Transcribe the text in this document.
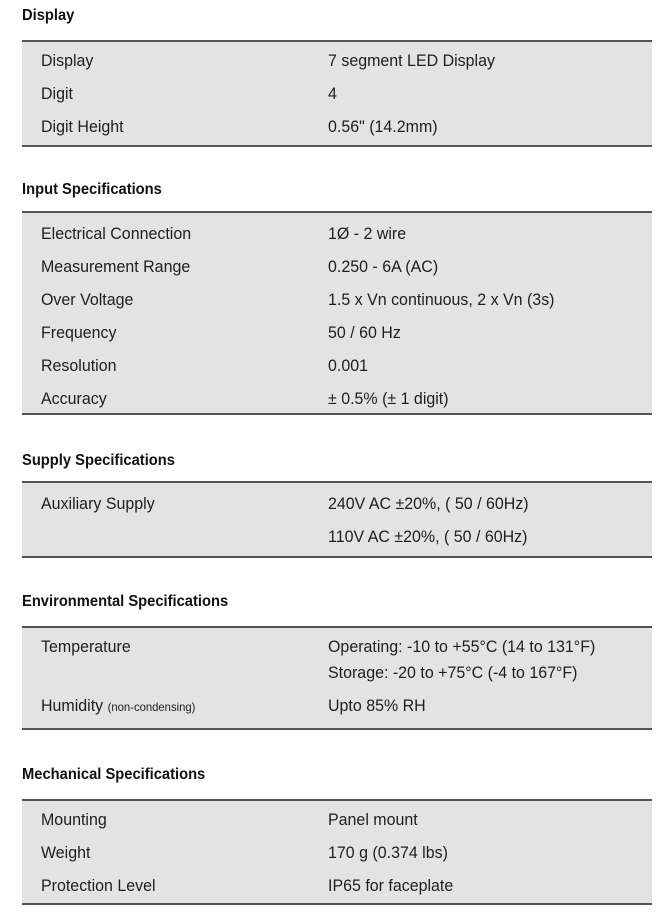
Display
Display	7 segment LED Display
Digit	4
Digit Height	0.56" (14.2mm)
Input Specifications
Electrical Connection	1Ø - 2 wire
Measurement Range	0.250 - 6A (AC)
Over Voltage	1.5 x Vn continuous, 2 x Vn (3s)
Frequency	50 / 60 Hz
Resolution	0.001
Accuracy	± 0.5% (± 1 digit)
Supply Specifications
Auxiliary Supply	240V AC ±20%, ( 50 / 60Hz)
110V AC ±20%, ( 50 / 60Hz)
Environmental Specifications
Temperature	Operating: -10 to +55°C (14 to 131°F)
Storage: -20 to +75°C (-4 to 167°F)
Humidity (non-condensing)	Upto 85% RH
Mechanical Specifications
Mounting	Panel mount
Weight	170 g (0.374 lbs)
Protection Level	IP65 for faceplate
